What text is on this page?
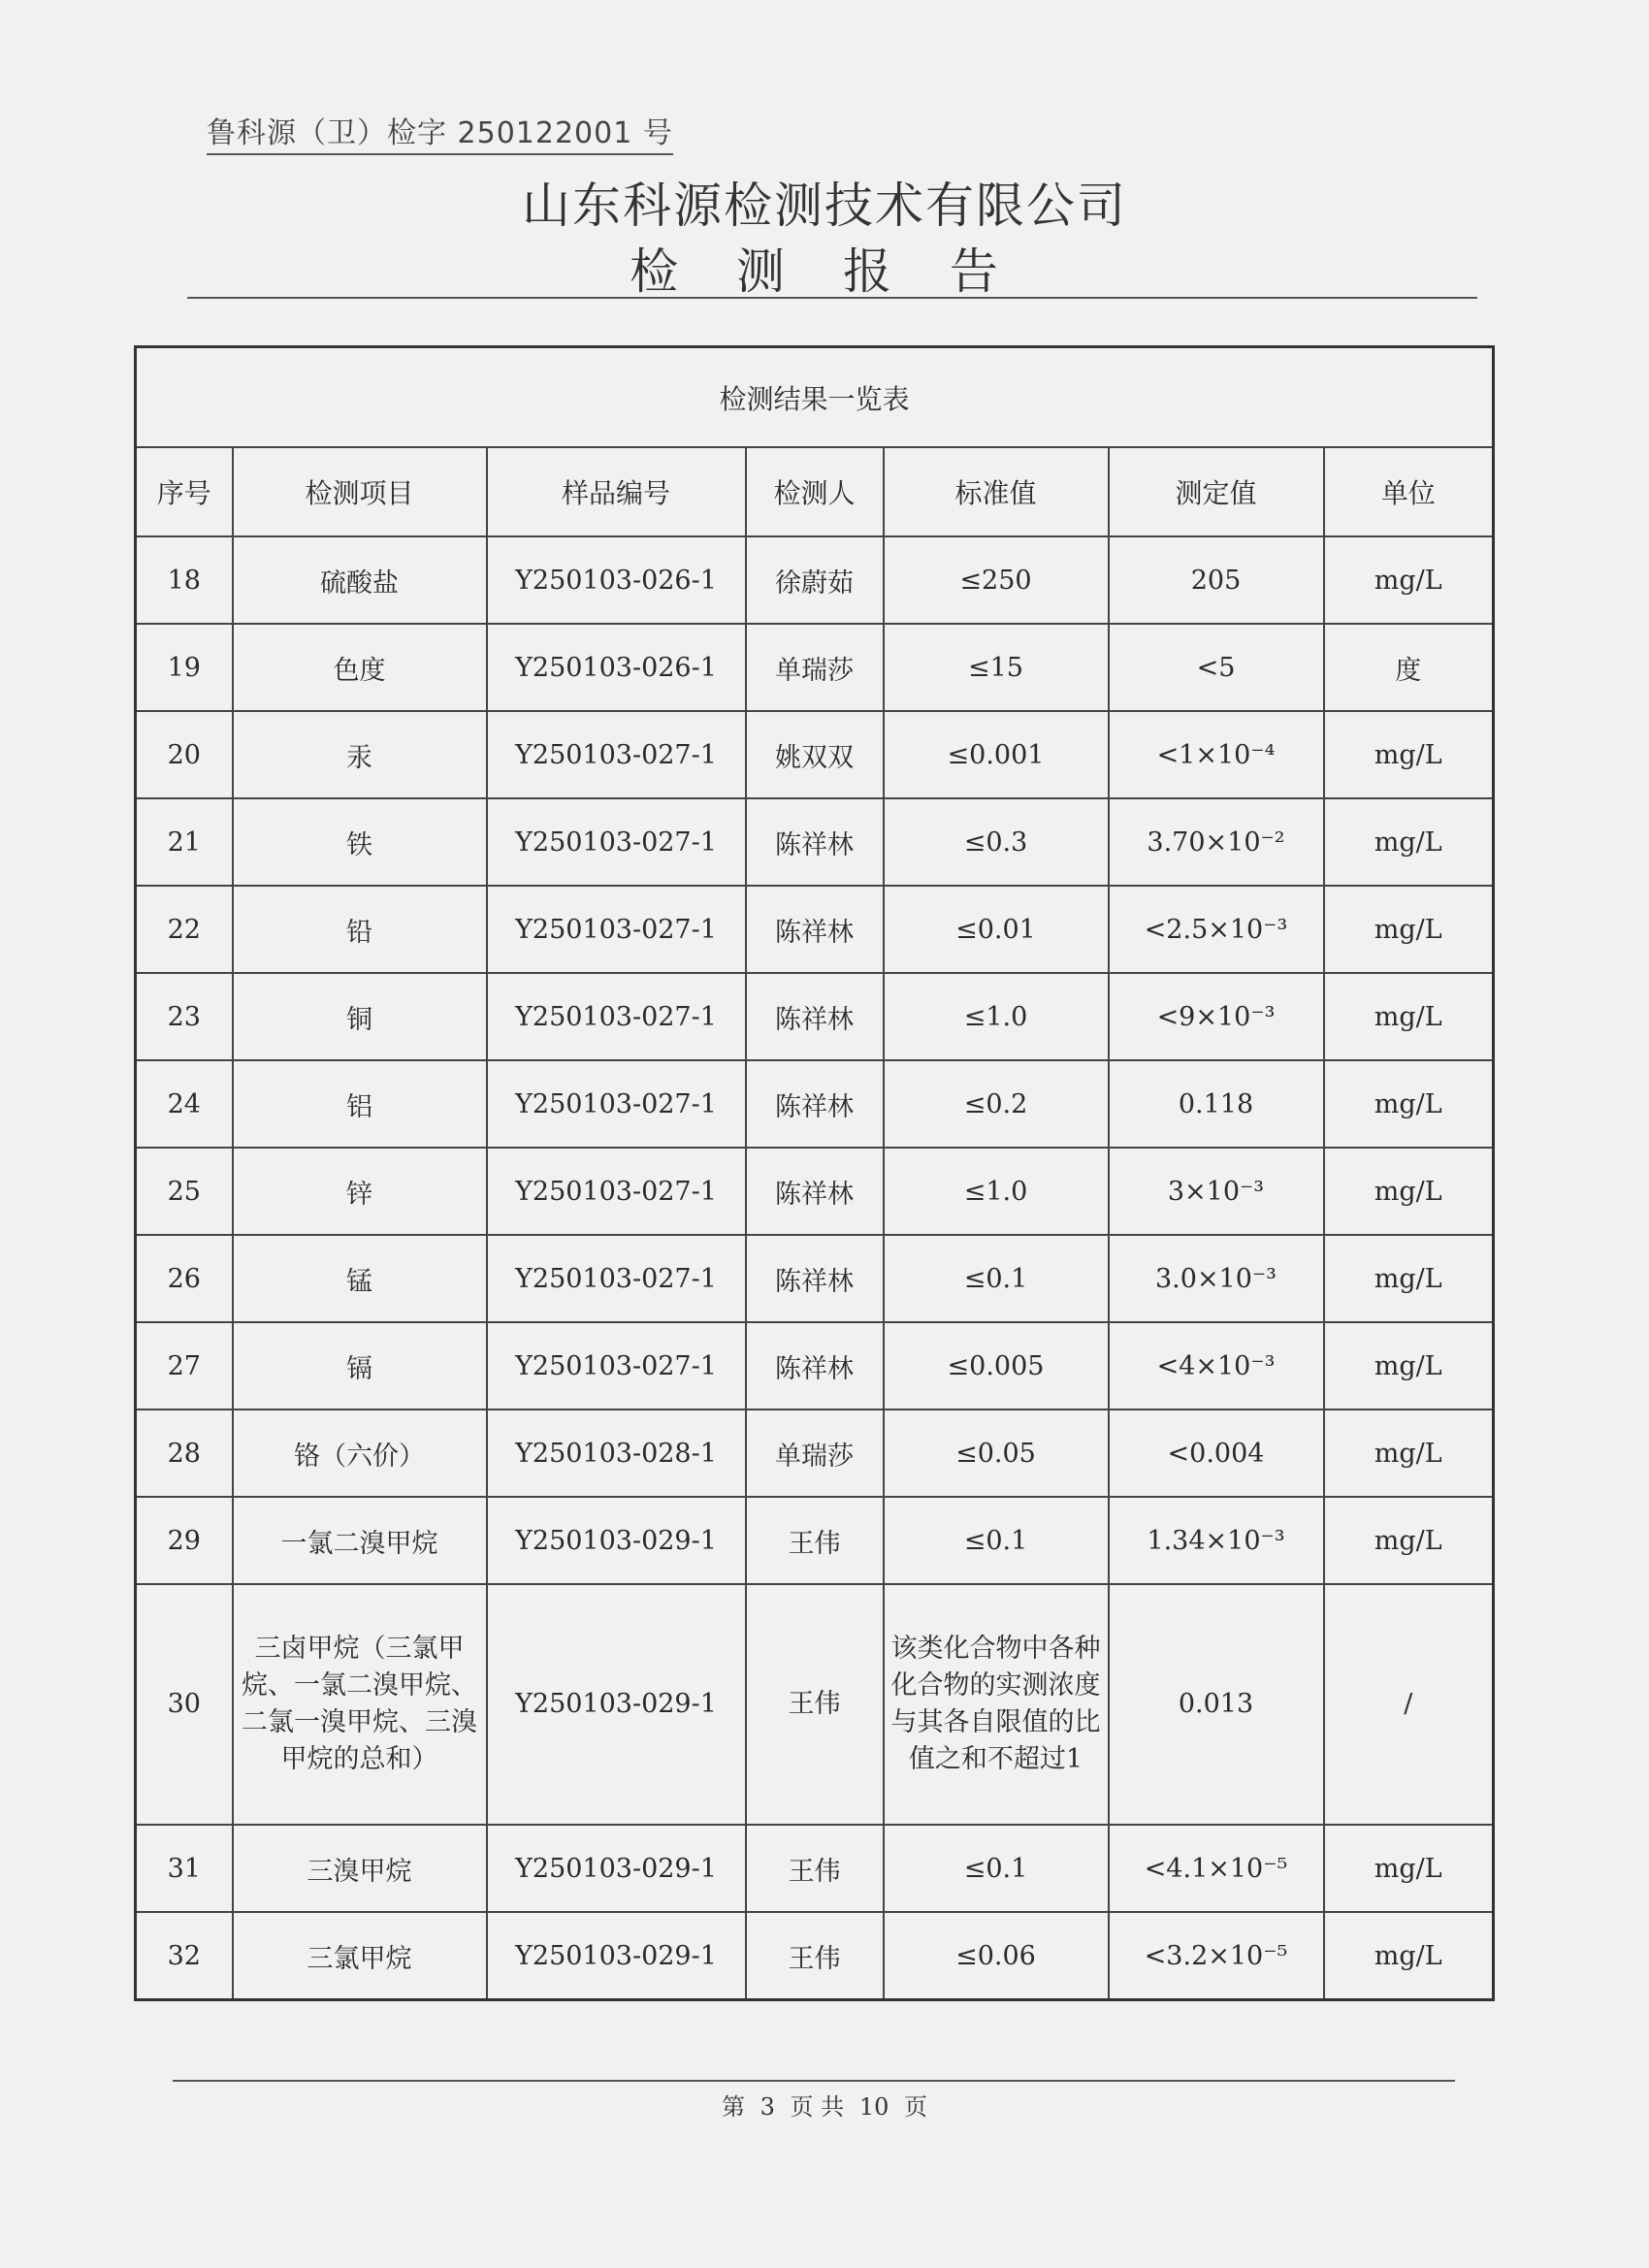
鲁科源（卫）检字 250122001 号
山东科源检测技术有限公司
检 测 报 告
检测结果一览表						
序号	检测项目	样品编号	检测人	标准值	测定值	单位
18	硫酸盐	Y250103-026-1	徐蔚茹	≤250	205	mg/L
19	色度	Y250103-026-1	单瑞莎	≤15	<5	度
20	汞	Y250103-027-1	姚双双	≤0.001	<1×10⁻⁴	mg/L
21	铁	Y250103-027-1	陈祥林	≤0.3	3.70×10⁻²	mg/L
22	铅	Y250103-027-1	陈祥林	≤0.01	<2.5×10⁻³	mg/L
23	铜	Y250103-027-1	陈祥林	≤1.0	<9×10⁻³	mg/L
24	铝	Y250103-027-1	陈祥林	≤0.2	0.118	mg/L
25	锌	Y250103-027-1	陈祥林	≤1.0	3×10⁻³	mg/L
26	锰	Y250103-027-1	陈祥林	≤0.1	3.0×10⁻³	mg/L
27	镉	Y250103-027-1	陈祥林	≤0.005	<4×10⁻³	mg/L
28	铬（六价）	Y250103-028-1	单瑞莎	≤0.05	<0.004	mg/L
29	一氯二溴甲烷	Y250103-029-1	王伟	≤0.1	1.34×10⁻³	mg/L
30	三卤甲烷（三氯甲烷、一氯二溴甲烷、二氯一溴甲烷、三溴甲烷的总和）	Y250103-029-1	王伟	该类化合物中各种化合物的实测浓度与其各自限值的比值之和不超过1	0.013	/
31	三溴甲烷	Y250103-029-1	王伟	≤0.1	<4.1×10⁻⁵	mg/L
32	三氯甲烷	Y250103-029-1	王伟	≤0.06	<3.2×10⁻⁵	mg/L
第 3 页 共 10 页
